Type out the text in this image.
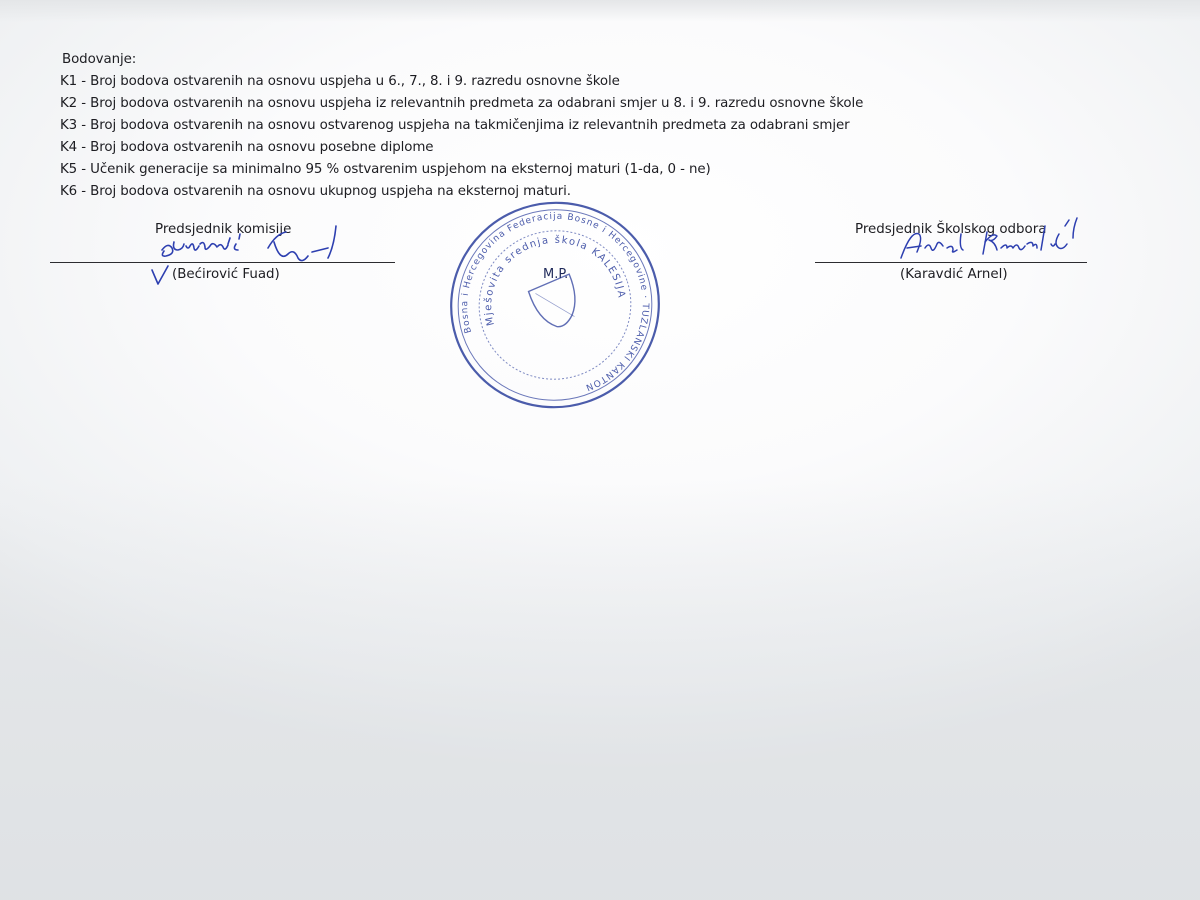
Bodovanje:
K1 - Broj bodova ostvarenih na osnovu uspjeha u 6., 7., 8. i 9. razredu osnovne škole
K2 - Broj bodova ostvarenih na osnovu uspjeha iz relevantnih predmeta za odabrani smjer u 8. i 9. razredu osnovne škole
K3 - Broj bodova ostvarenih na osnovu ostvarenog uspjeha na takmičenjima iz relevantnih predmeta za odabrani smjer
K4 - Broj bodova ostvarenih na osnovu posebne diplome
K5 - Učenik generacije sa minimalno 95 % ostvarenim uspjehom na eksternoj maturi (1-da, 0 - ne)
K6 - Broj bodova ostvarenih na osnovu ukupnog uspjeha na eksternoj maturi.
Predsjednik komisije
(Bećirović Fuad)
Predsjednik Školskog odbora
(Karavdić Arnel)
Bosna i Hercegovina Federacija Bosne i Hercegovine · TUZLANSKI KANTON
Mješovita srednja škola KALESIJA
M.P.
